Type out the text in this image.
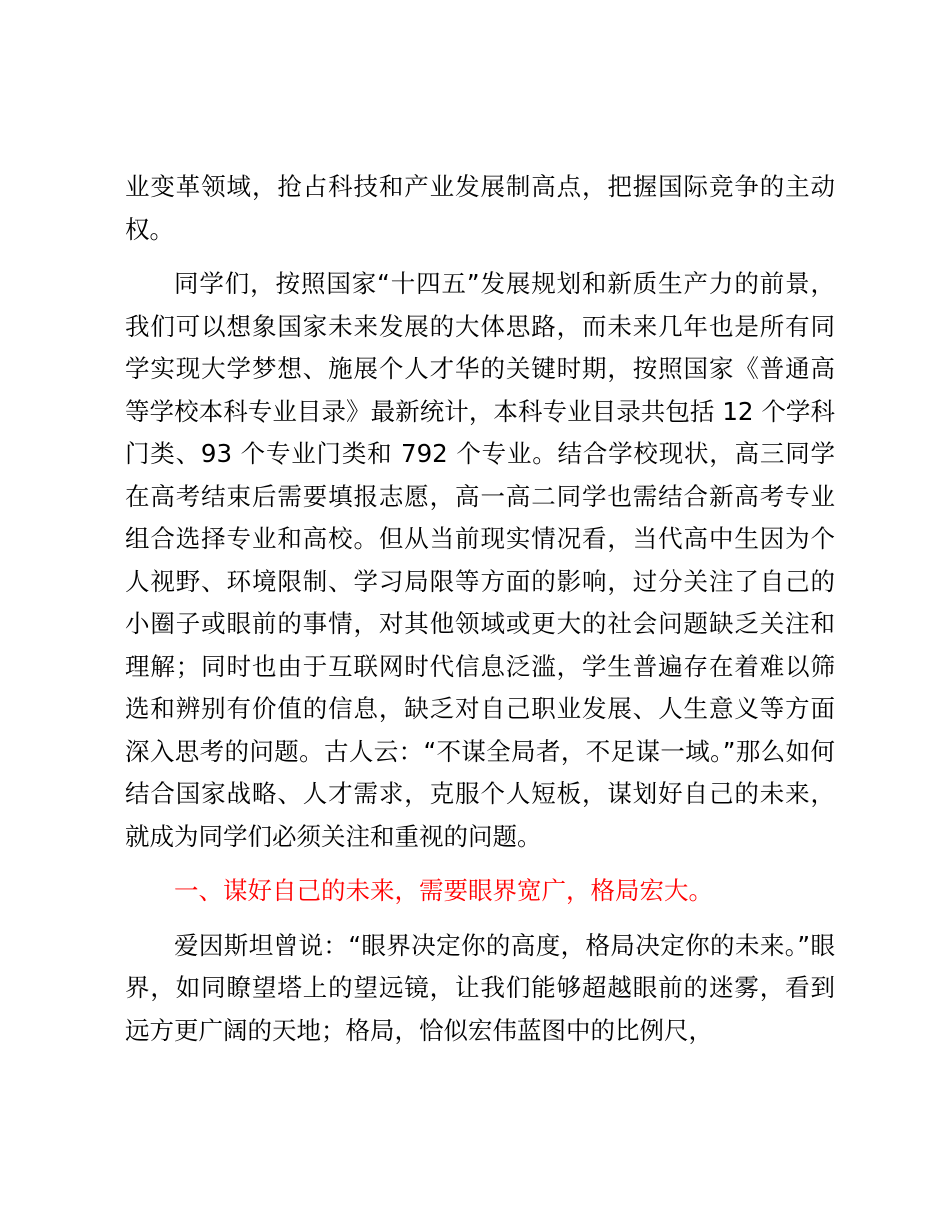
业变革领域，抢占科技和产业发展制高点，把握国际竞争的主动权。

同学们，按照国家“十四五”发展规划和新质生产力的前景，我们可以想象国家未来发展的大体思路，而未来几年也是所有同学实现大学梦想、施展个人才华的关键时期，按照国家《普通高等学校本科专业目录》最新统计，本科专业目录共包括 12 个学科门类、93 个专业门类和 792 个专业。结合学校现状，高三同学在高考结束后需要填报志愿，高一高二同学也需结合新高考专业组合选择专业和高校。但从当前现实情况看，当代高中生因为个人视野、环境限制、学习局限等方面的影响，过分关注了自己的小圈子或眼前的事情，对其他领域或更大的社会问题缺乏关注和理解；同时也由于互联网时代信息泛滥，学生普遍存在着难以筛选和辨别有价值的信息，缺乏对自己职业发展、人生意义等方面深入思考的问题。古人云：“不谋全局者，不足谋一域。”那么如何结合国家战略、人才需求，克服个人短板，谋划好自己的未来，就成为同学们必须关注和重视的问题。

一、谋好自己的未来，需要眼界宽广，格局宏大。

爱因斯坦曾说：“眼界决定你的高度，格局决定你的未来。”眼界，如同瞭望塔上的望远镜，让我们能够超越眼前的迷雾，看到远方更广阔的天地；格局，恰似宏伟蓝图中的比例尺，
